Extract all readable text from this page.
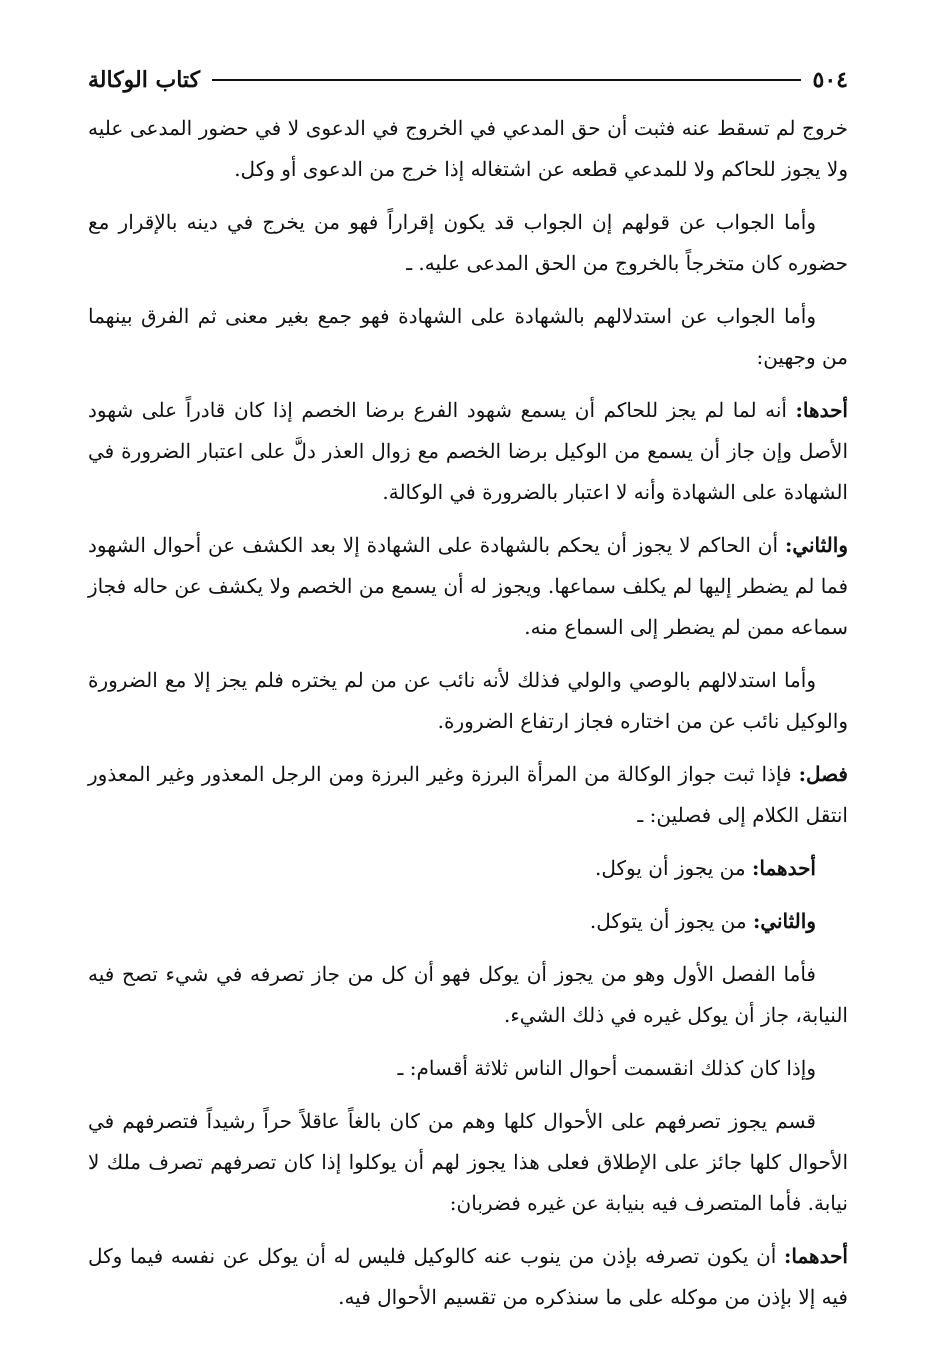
٥٠٤
كتاب الوكالة

خروج لم تسقط عنه فثبت أن حق المدعي في الخروج في الدعوى لا في حضور المدعى عليه ولا يجوز للحاكم ولا للمدعي قطعه عن اشتغاله إذا خرج من الدعوى أو وكل.

وأما الجواب عن قولهم إن الجواب قد يكون إقراراً فهو من يخرج في دينه بالإقرار مع حضوره كان متخرجاً بالخروج من الحق المدعى عليه. ـ

وأما الجواب عن استدلالهم بالشهادة على الشهادة فهو جمع بغير معنى ثم الفرق بينهما من وجهين:

أحدها: أنه لما لم يجز للحاكم أن يسمع شهود الفرع برضا الخصم إذا كان قادراً على شهود الأصل وإن جاز أن يسمع من الوكيل برضا الخصم مع زوال العذر دلَّ على اعتبار الضرورة في الشهادة على الشهادة وأنه لا اعتبار بالضرورة في الوكالة.

والثاني: أن الحاكم لا يجوز أن يحكم بالشهادة على الشهادة إلا بعد الكشف عن أحوال الشهود فما لم يضطر إليها لم يكلف سماعها. ويجوز له أن يسمع من الخصم ولا يكشف عن حاله فجاز سماعه ممن لم يضطر إلى السماع منه.

وأما استدلالهم بالوصي والولي فذلك لأنه نائب عن من لم يختره فلم يجز إلا مع الضرورة والوكيل نائب عن من اختاره فجاز ارتفاع الضرورة.

فصل: فإذا ثبت جواز الوكالة من المرأة البرزة وغير البرزة ومن الرجل المعذور وغير المعذور انتقل الكلام إلى فصلين: ـ

أحدهما: من يجوز أن يوكل.

والثاني: من يجوز أن يتوكل.

فأما الفصل الأول وهو من يجوز أن يوكل فهو أن كل من جاز تصرفه في شيء تصح فيه النيابة، جاز أن يوكل غيره في ذلك الشيء.

وإذا كان كذلك انقسمت أحوال الناس ثلاثة أقسام: ـ

قسم يجوز تصرفهم على الأحوال كلها وهم من كان بالغاً عاقلاً حراً رشيداً فتصرفهم في الأحوال كلها جائز على الإطلاق فعلى هذا يجوز لهم أن يوكلوا إذا كان تصرفهم تصرف ملك لا نيابة. فأما المتصرف فيه بنيابة عن غيره فضربان:

أحدهما: أن يكون تصرفه بإذن من ينوب عنه كالوكيل فليس له أن يوكل عن نفسه فيما وكل فيه إلا بإذن من موكله على ما سنذكره من تقسيم الأحوال فيه.
